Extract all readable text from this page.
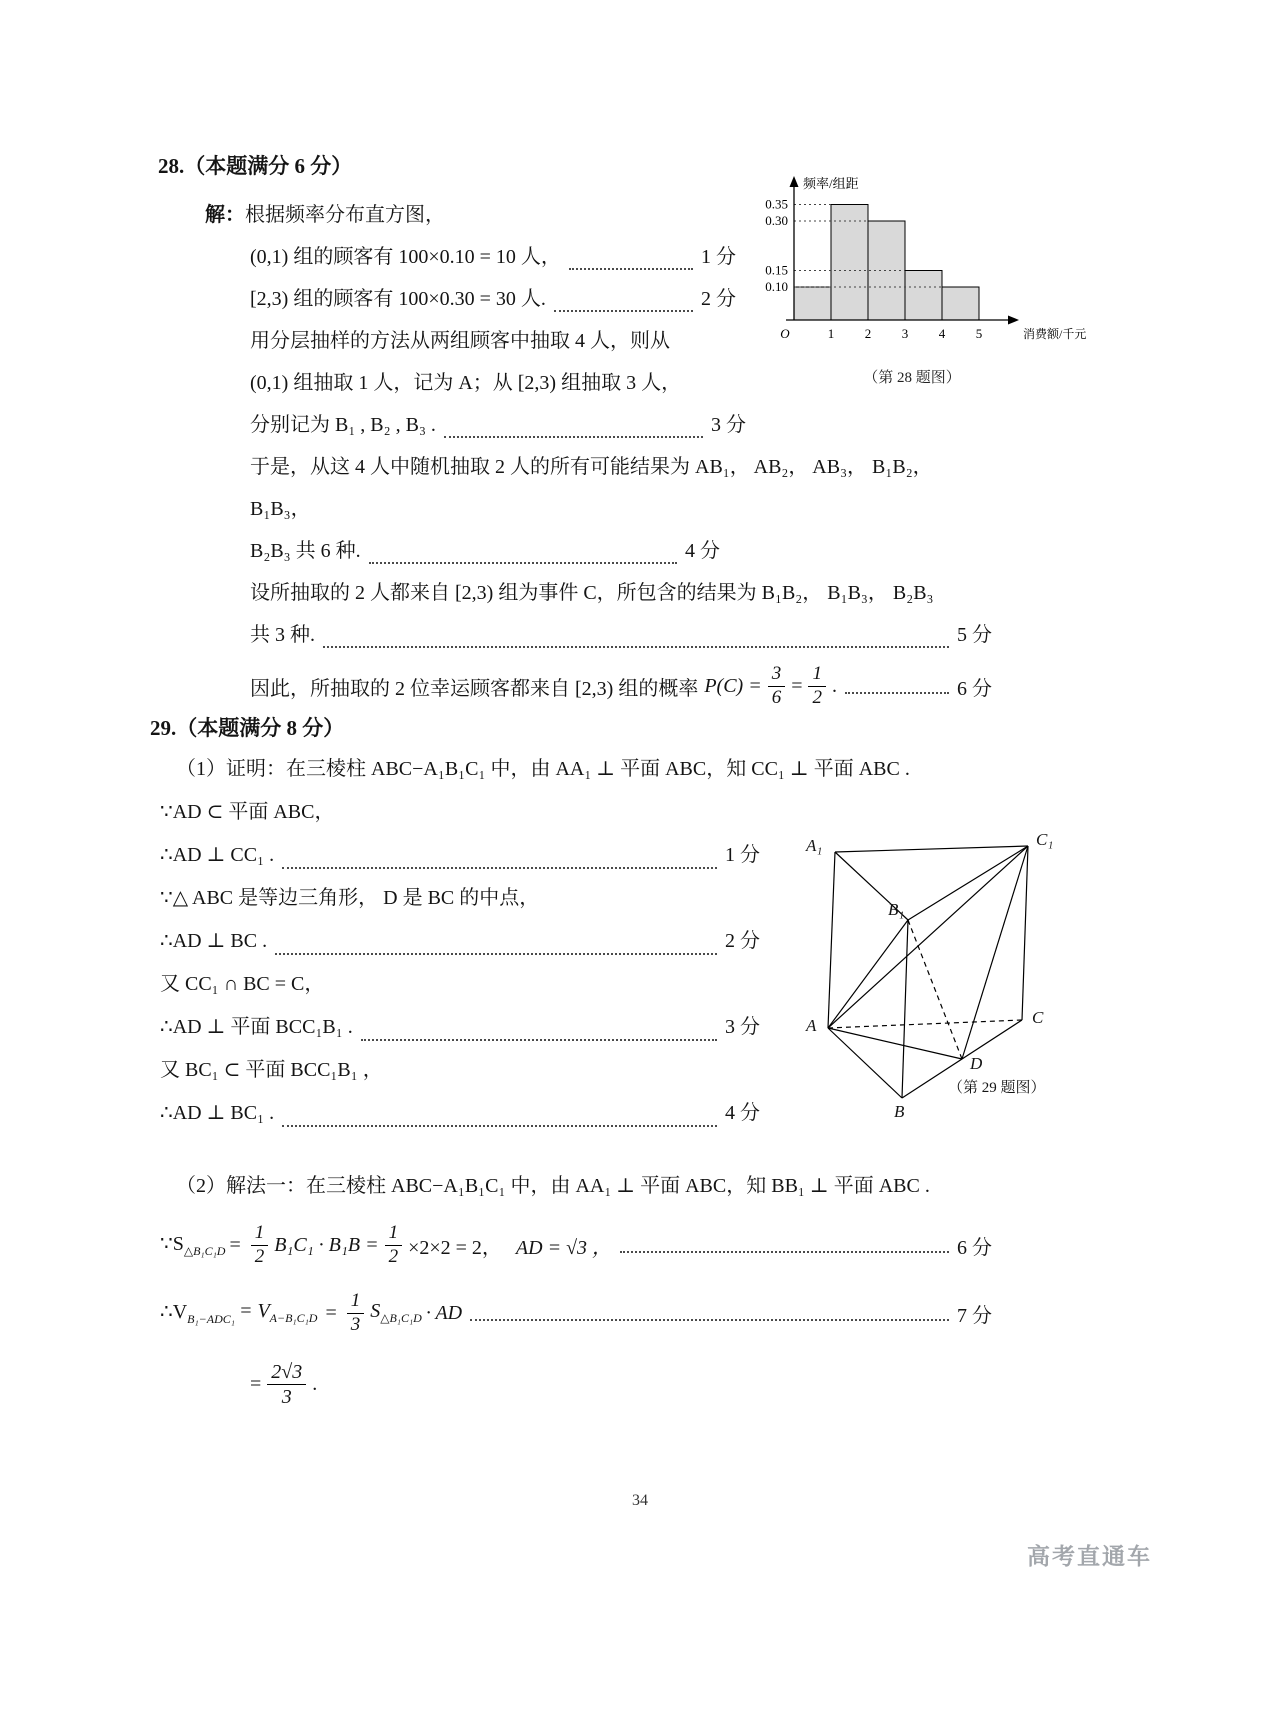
28.（本题满分 6 分）
解： 根据频率分布直方图，
(0,1) 组的顾客有 100×0.10 = 10 人，	1 分
[2,3) 组的顾客有 100×0.30 = 30 人.	2 分
用分层抽样的方法从两组顾客中抽取 4 人，则从
(0,1) 组抽取 1 人，记为 A；从 [2,3) 组抽取 3 人，
分别记为 B₁ , B₂ , B₃ .	3 分
于是，从这 4 人中随机抽取 2 人的所有可能结果为 AB₁， AB₂， AB₃， B₁B₂，
B₁B₃，
B₂B₃ 共 6 种.	4 分
设所抽取的 2 人都来自 [2,3) 组为事件 C，所包含的结果为 B₁B₂， B₁B₃， B₂B₃
共 3 种.	5 分
因此，所抽取的 2 位幸运顾客都来自 [2,3) 组的概率 $P(C) = \frac{3}{6} = \frac{1}{2}$ .	6 分
0.35
0.30
0.15
0.10
O	1 2 3 4 5
频率/组距
消费额/千元
（第 28 题图）
29.（本题满分 8 分）
（1）证明：在三棱柱 ABC−A₁B₁C₁ 中，由 AA₁ ⊥ 平面 ABC，知 CC₁ ⊥ 平面 ABC .
∵AD ⊂ 平面 ABC，
∴AD ⊥ CC₁ .	1 分
∵△ ABC 是等边三角形， D 是 BC 的中点，
∴AD ⊥ BC .	2 分
又 CC₁ ∩ BC = C，
∴AD ⊥ 平面 BCC₁B₁ .	3 分
又 BC₁ ⊂ 平面 BCC₁B₁ ，
∴AD ⊥ BC₁ .	4 分
（2）解法一：在三棱柱 ABC−A₁B₁C₁ 中，由 AA₁ ⊥ 平面 ABC，知 BB₁ ⊥ 平面 ABC .
$\because S_{\triangle B_1C_1D} = \frac{1}{2} B_1C_1 \cdot B_1B = \frac{1}{2} \times 2\times 2 = 2$， AD = √3 ，	6 分
$\therefore V_{B_1-ADC_1} = V_{A-B_1C_1D} = \frac{1}{3} S_{\triangle B_1C_1D}$ · AD	7 分
= $\frac{2√3}{3}$ .
A₁	C₁
B₁
A	C
D
B
（第 29 题图）
34
高考直通车
